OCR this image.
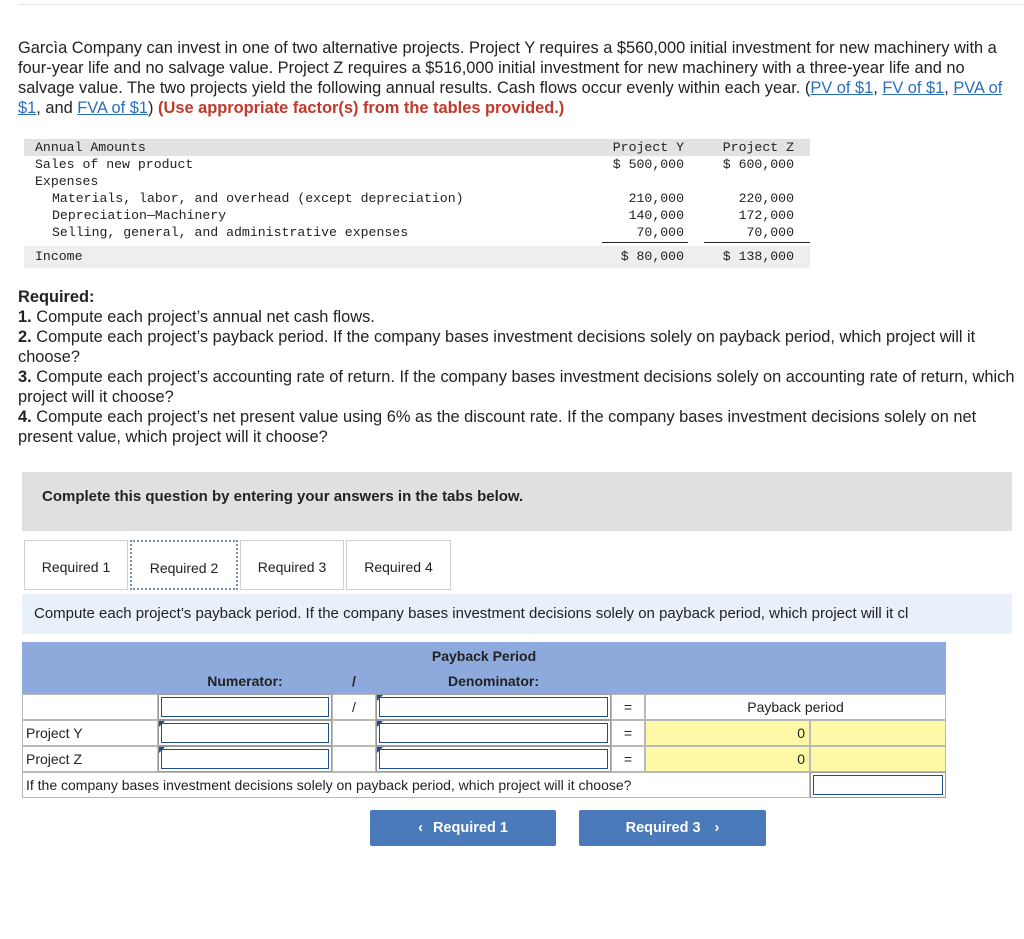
Garcìa Company can invest in one of two alternative projects. Project Y requires a $560,000 initial investment for new machinery with a four-year life and no salvage value. Project Z requires a $516,000 initial investment for new machinery with a three-year life and no salvage value. The two projects yield the following annual results. Cash flows occur evenly within each year. (PV of $1, FV of $1, PVA of $1, and FVA of $1) (Use appropriate factor(s) from the tables provided.)
Annual Amounts	Project Y	Project Z
Sales of new product	$ 500,000	$ 600,000
Expenses
Materials, labor, and overhead (except depreciation)	210,000	220,000
Depreciation—Machinery	140,000	172,000
Selling, general, and administrative expenses	70,000	70,000
Income	$ 80,000	$ 138,000
Required:
1. Compute each project’s annual net cash flows.
2. Compute each project’s payback period. If the company bases investment decisions solely on payback period, which project will it choose?
3. Compute each project’s accounting rate of return. If the company bases investment decisions solely on accounting rate of return, which project will it choose?
4. Compute each project’s net present value using 6% as the discount rate. If the company bases investment decisions solely on net present value, which project will it choose?
Complete this question by entering your answers in the tabs below.
Required 1	Required 2	Required 3	Required 4
Compute each project’s payback period. If the company bases investment decisions solely on payback period, which project will it cl
Payback Period
Numerator:	/	Denominator:
/	=	Payback period
Project Y	=	0
Project Z	=	0
If the company bases investment decisions solely on payback period, which project will it choose?
‹ Required 1	Required 3 ›
